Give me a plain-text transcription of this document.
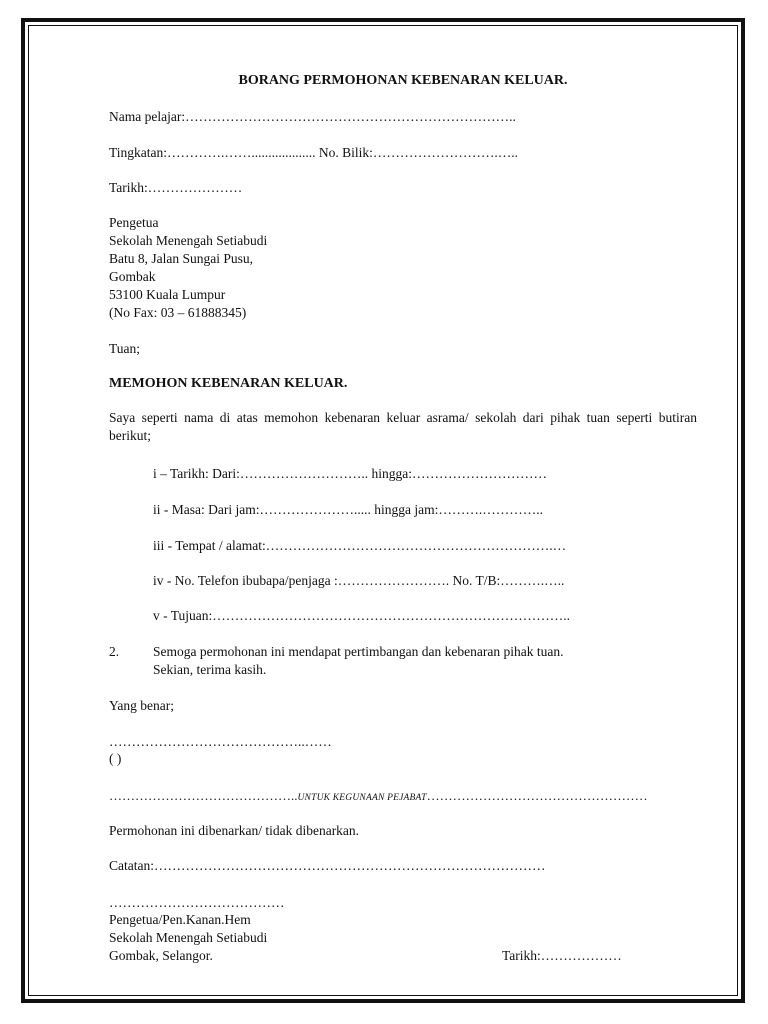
BORANG PERMOHONAN KEBENARAN KELUAR.
Nama pelajar:………………………………………………………………..
Tingkatan:………….……................... No. Bilik:……………………….…..
Tarikh:…………………
Pengetua
Sekolah Menengah Setiabudi
Batu 8, Jalan Sungai Pusu,
Gombak
53100 Kuala Lumpur
(No Fax: 03 – 61888345)
Tuan;
MEMOHON KEBENARAN KELUAR.
Saya seperti nama di atas memohon kebenaran keluar asrama/ sekolah dari pihak tuan seperti butiran berikut;
i – Tarikh: Dari:……………………….. hingga:…………………………
ii - Masa: Dari jam:…………………..... hingga jam:……….…………..
iii - Tempat / alamat:……………………………………………………….…
iv - No. Telefon ibubapa/penjaga :……………………. No. T/B:……….…..
v - Tujuan:……………………………………………………………………..
2.	Semoga permohonan ini mendapat pertimbangan dan kebenaran pihak tuan.
Sekian, terima kasih.
Yang benar;
……………………………………..……
( )
……………………………………..UNTUK KEGUNAAN PEJABAT……………………………………………
Permohonan ini dibenarkan/ tidak dibenarkan.
Catatan:……………………………………………………………………………
…………………………………
Pengetua/Pen.Kanan.Hem
Sekolah Menengah Setiabudi
Gombak, Selangor.	Tarikh:………………
